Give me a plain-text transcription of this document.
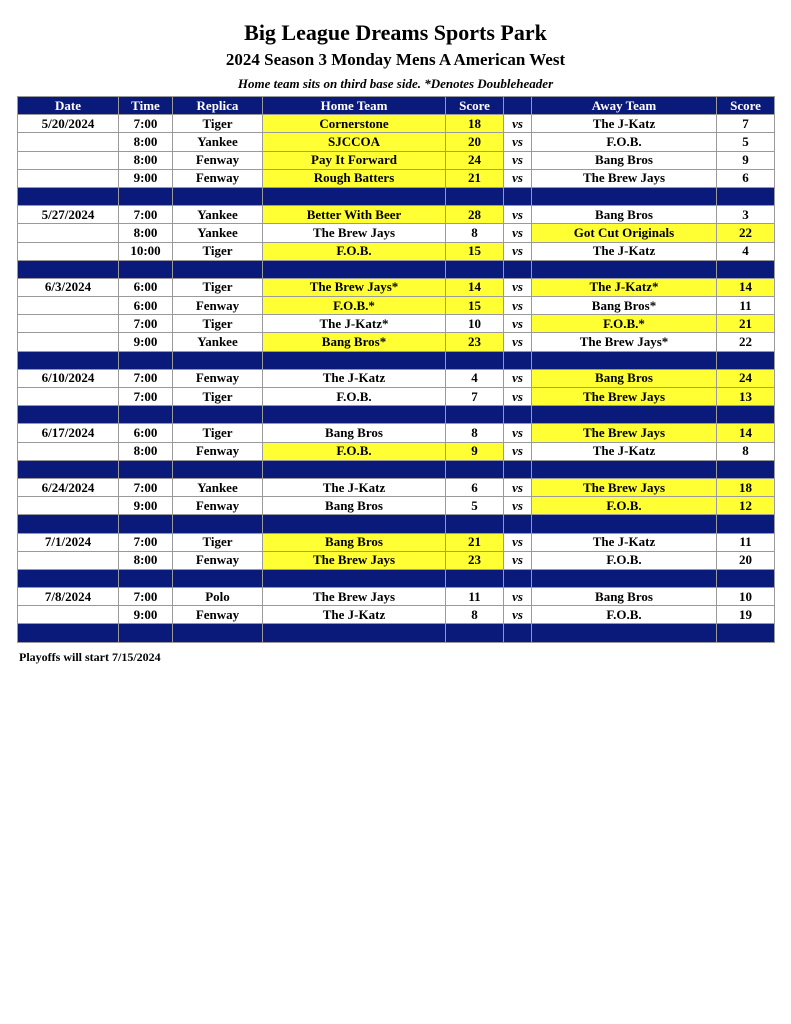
Big League Dreams Sports Park
2024 Season 3 Monday Mens A American West
Home team sits on third base side. *Denotes Doubleheader
Date	Time	Replica	Home Team	Score		Away Team	Score
5/20/2024	7:00	Tiger	Cornerstone	18	vs	The J-Katz	7
	8:00	Yankee	SJCCOA	20	vs	F.O.B.	5
	8:00	Fenway	Pay It Forward	24	vs	Bang Bros	9
	9:00	Fenway	Rough Batters	21	vs	The Brew Jays	6

5/27/2024	7:00	Yankee	Better With Beer	28	vs	Bang Bros	3
	8:00	Yankee	The Brew Jays	8	vs	Got Cut Originals	22
	10:00	Tiger	F.O.B.	15	vs	The J-Katz	4

6/3/2024	6:00	Tiger	The Brew Jays*	14	vs	The J-Katz*	14
	6:00	Fenway	F.O.B.*	15	vs	Bang Bros*	11
	7:00	Tiger	The J-Katz*	10	vs	F.O.B.*	21
	9:00	Yankee	Bang Bros*	23	vs	The Brew Jays*	22

6/10/2024	7:00	Fenway	The J-Katz	4	vs	Bang Bros	24
	7:00	Tiger	F.O.B.	7	vs	The Brew Jays	13

6/17/2024	6:00	Tiger	Bang Bros	8	vs	The Brew Jays	14
	8:00	Fenway	F.O.B.	9	vs	The J-Katz	8

6/24/2024	7:00	Yankee	The J-Katz	6	vs	The Brew Jays	18
	9:00	Fenway	Bang Bros	5	vs	F.O.B.	12

7/1/2024	7:00	Tiger	Bang Bros	21	vs	The J-Katz	11
	8:00	Fenway	The Brew Jays	23	vs	F.O.B.	20

7/8/2024	7:00	Polo	The Brew Jays	11	vs	Bang Bros	10
	9:00	Fenway	The J-Katz	8	vs	F.O.B.	19

Playoffs will start 7/15/2024
